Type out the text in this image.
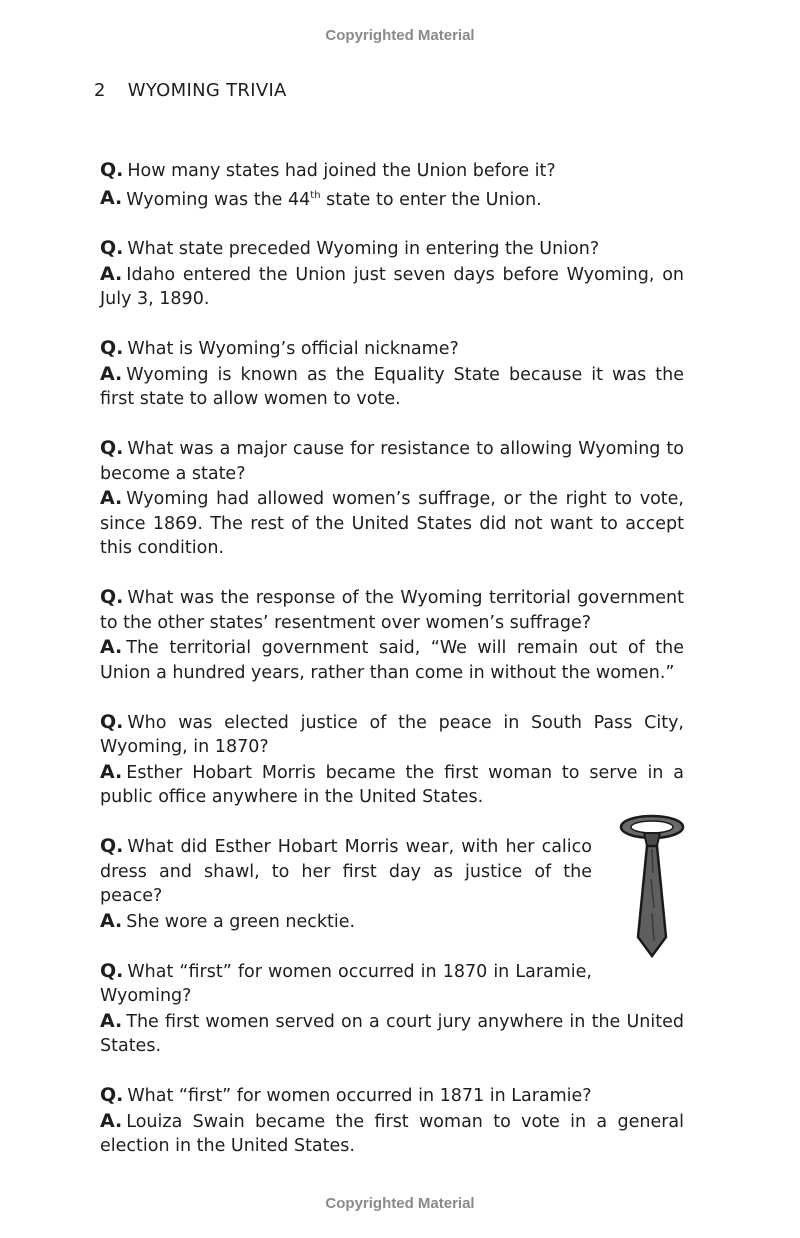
Copyrighted Material
2 WYOMING TRIVIA

Q. How many states had joined the Union before it?

A. Wyoming was the 44th state to enter the Union.

Q. What state preceded Wyoming in entering the Union?

A. Idaho entered the Union just seven days before Wyoming, on July 3, 1890.

Q. What is Wyoming’s official nickname?

A. Wyoming is known as the Equality State because it was the first state to allow women to vote.

Q. What was a major cause for resistance to allowing Wyoming to become a state?

A. Wyoming had allowed women’s suffrage, or the right to vote, since 1869. The rest of the United States did not want to accept this condition.

Q. What was the response of the Wyoming territorial government to the other states’ resentment over women’s suffrage?

A. The territorial government said, “We will remain out of the Union a hundred years, rather than come in without the women.”

Q. Who was elected justice of the peace in South Pass City, Wyoming, in 1870?

A. Esther Hobart Morris became the first woman to serve in a public office anywhere in the United States.

Q. What did Esther Hobart Morris wear, with her calico dress and shawl, to her first day as justice of the peace?

A. She wore a green necktie.

Q. What “first” for women occurred in 1870 in Laramie, Wyoming?

A. The first women served on a court jury anywhere in the United States.

Q. What “first” for women occurred in 1871 in Laramie?

A. Louiza Swain became the first woman to vote in a general election in the United States.

Copyrighted Material
